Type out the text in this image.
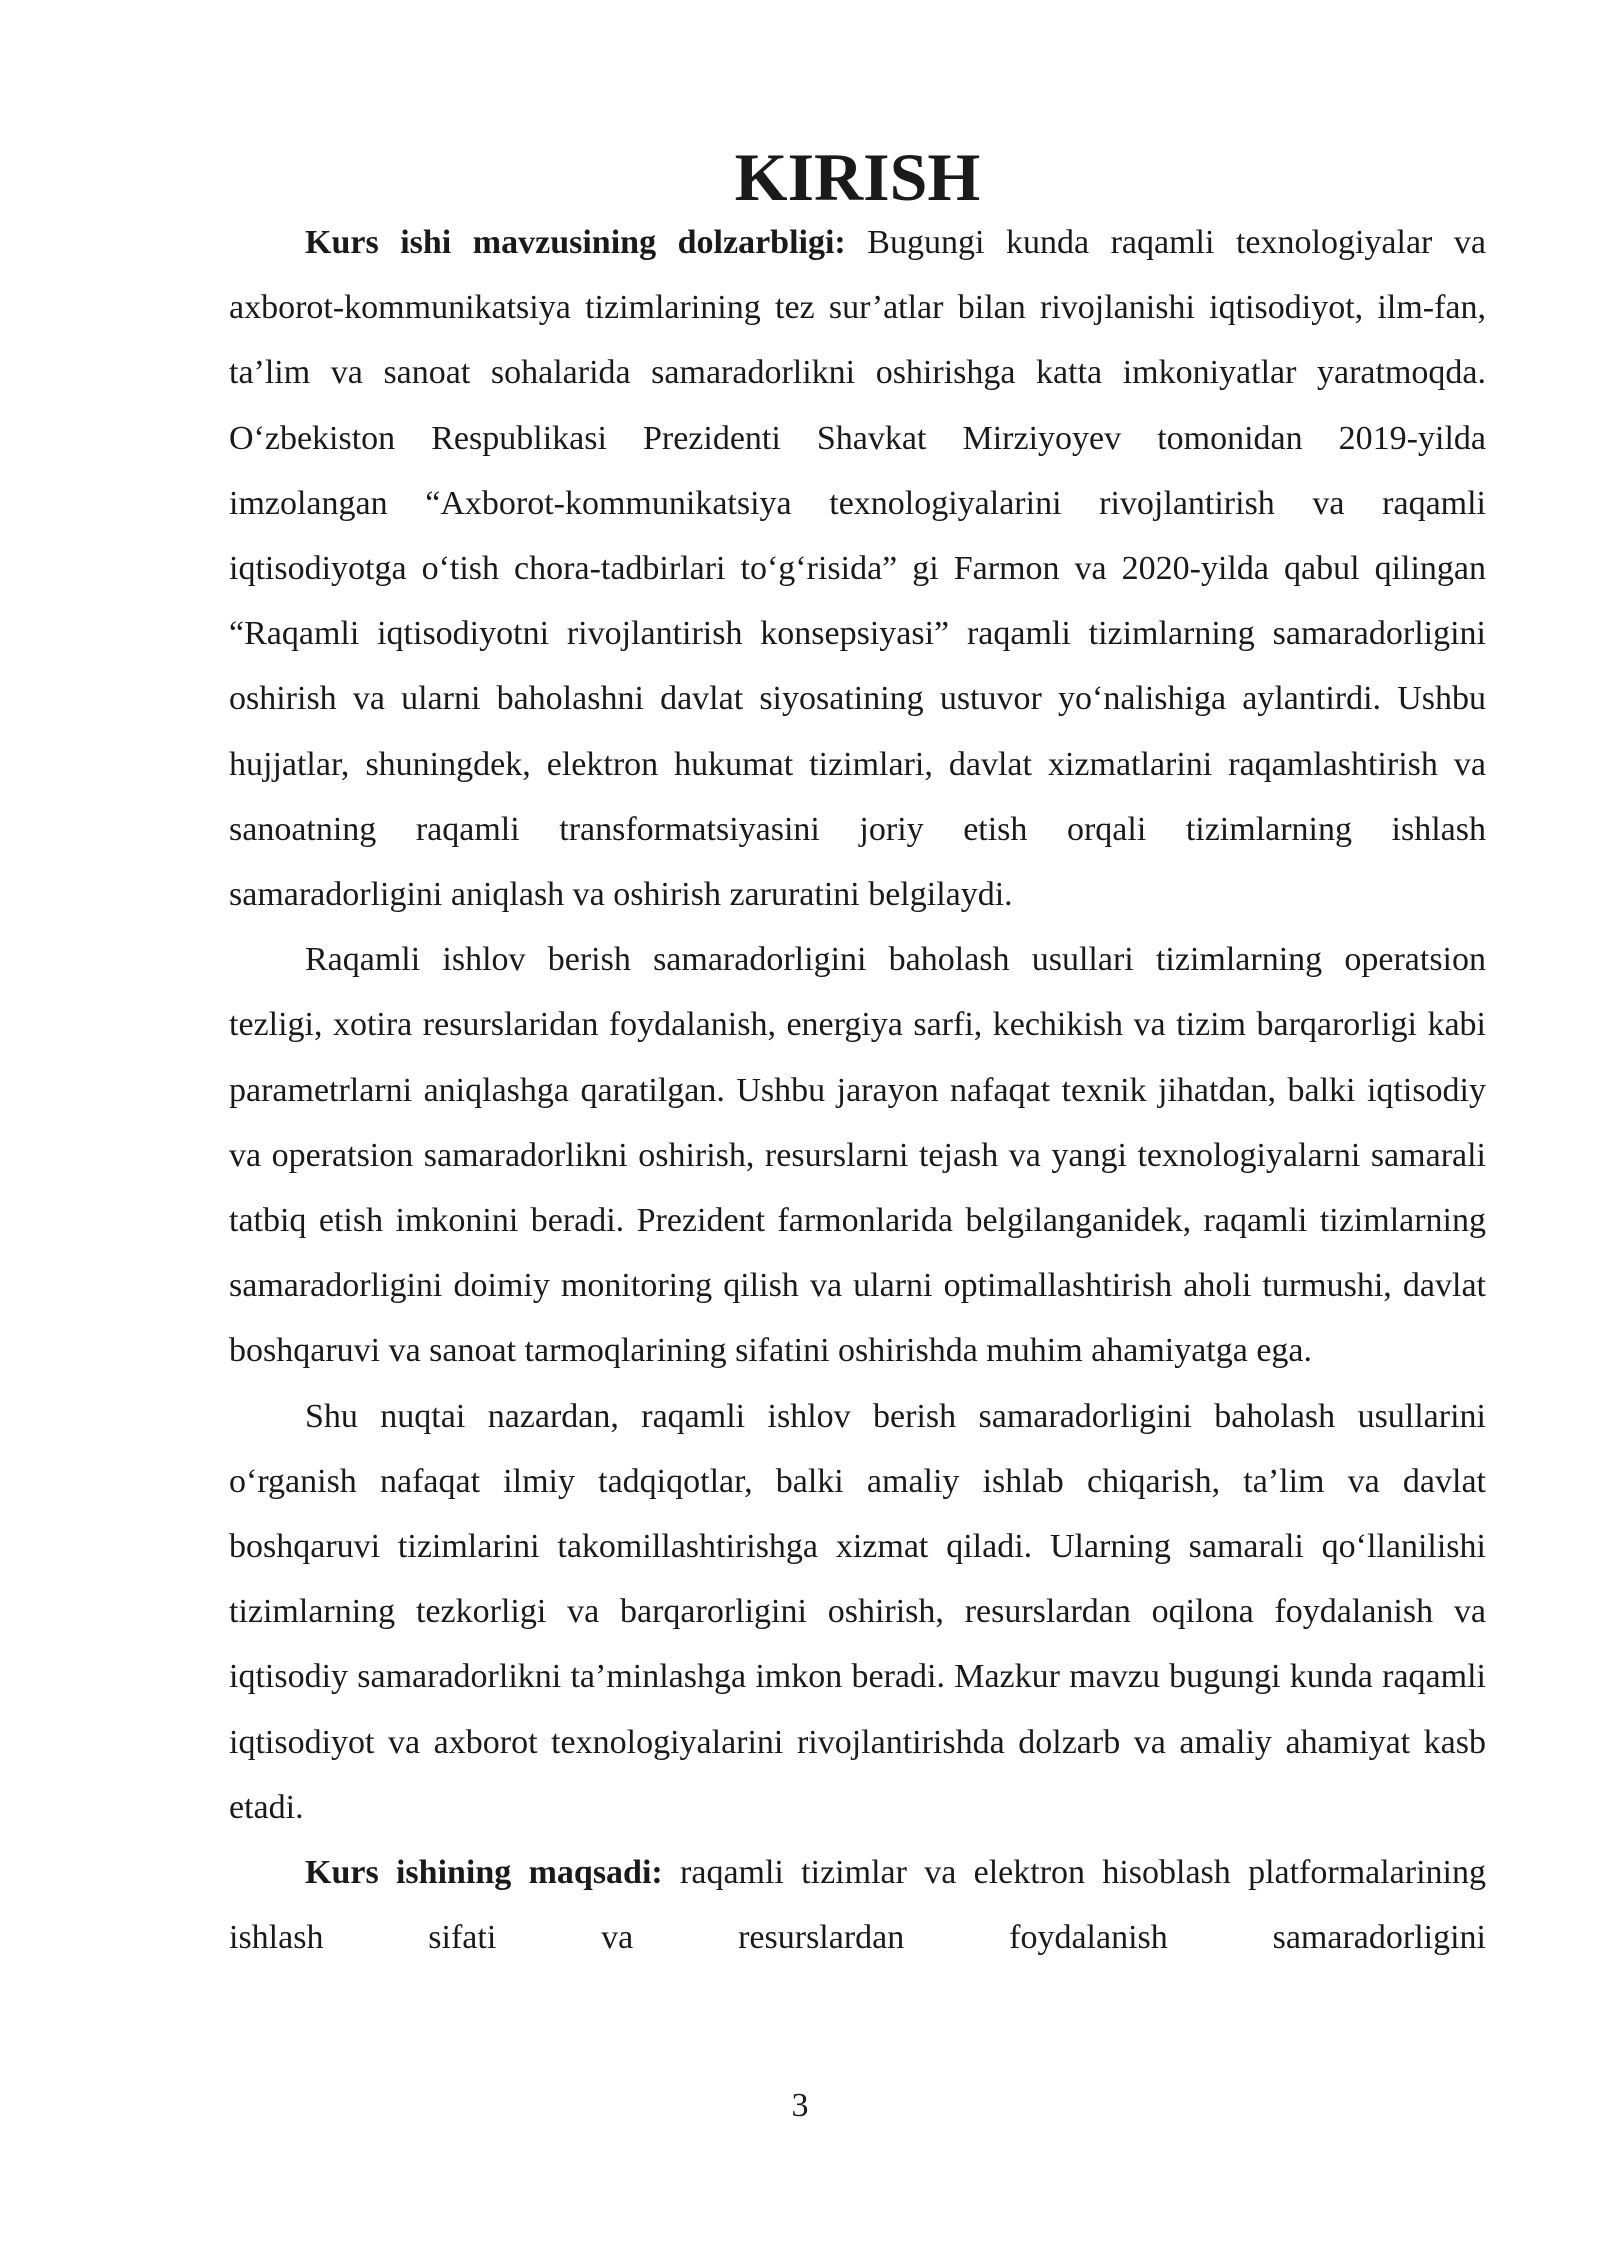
KIRISH

Kurs ishi mavzusining dolzarbligi: Bugungi kunda raqamli texnologiyalar va axborot-kommunikatsiya tizimlarining tez sur’atlar bilan rivojlanishi iqtisodiyot, ilm-fan, ta’lim va sanoat sohalarida samaradorlikni oshirishga katta imkoniyatlar yaratmoqda. O‘zbekiston Respublikasi Prezidenti Shavkat Mirziyoyev tomonidan 2019-yilda imzolangan “Axborot-kommunikatsiya texnologiyalarini rivojlantirish va raqamli iqtisodiyotga o‘tish chora-tadbirlari to‘g‘risida” gi Farmon va 2020-yilda qabul qilingan “Raqamli iqtisodiyotni rivojlantirish konsepsiyasi” raqamli tizimlarning samaradorligini oshirish va ularni baholashni davlat siyosatining ustuvor yo‘nalishiga aylantirdi. Ushbu hujjatlar, shuningdek, elektron hukumat tizimlari, davlat xizmatlarini raqamlashtirish va sanoatning raqamli transformatsiyasini joriy etish orqali tizimlarning ishlash samaradorligini aniqlash va oshirish zaruratini belgilaydi.

Raqamli ishlov berish samaradorligini baholash usullari tizimlarning operatsion tezligi, xotira resurslaridan foydalanish, energiya sarfi, kechikish va tizim barqarorligi kabi parametrlarni aniqlashga qaratilgan. Ushbu jarayon nafaqat texnik jihatdan, balki iqtisodiy va operatsion samaradorlikni oshirish, resurslarni tejash va yangi texnologiyalarni samarali tatbiq etish imkonini beradi. Prezident farmonlarida belgilanganidek, raqamli tizimlarning samaradorligini doimiy monitoring qilish va ularni optimallashtirish aholi turmushi, davlat boshqaruvi va sanoat tarmoqlarining sifatini oshirishda muhim ahamiyatga ega.

Shu nuqtai nazardan, raqamli ishlov berish samaradorligini baholash usullarini o‘rganish nafaqat ilmiy tadqiqotlar, balki amaliy ishlab chiqarish, ta’lim va davlat boshqaruvi tizimlarini takomillashtirishga xizmat qiladi. Ularning samarali qo‘llanilishi tizimlarning tezkorligi va barqarorligini oshirish, resurslardan oqilona foydalanish va iqtisodiy samaradorlikni ta’minlashga imkon beradi. Mazkur mavzu bugungi kunda raqamli iqtisodiyot va axborot texnologiyalarini rivojlantirishda dolzarb va amaliy ahamiyat kasb etadi.

Kurs ishining maqsadi: raqamli tizimlar va elektron hisoblash platformalarining ishlash sifati va resurslardan foydalanish samaradorligini

3
